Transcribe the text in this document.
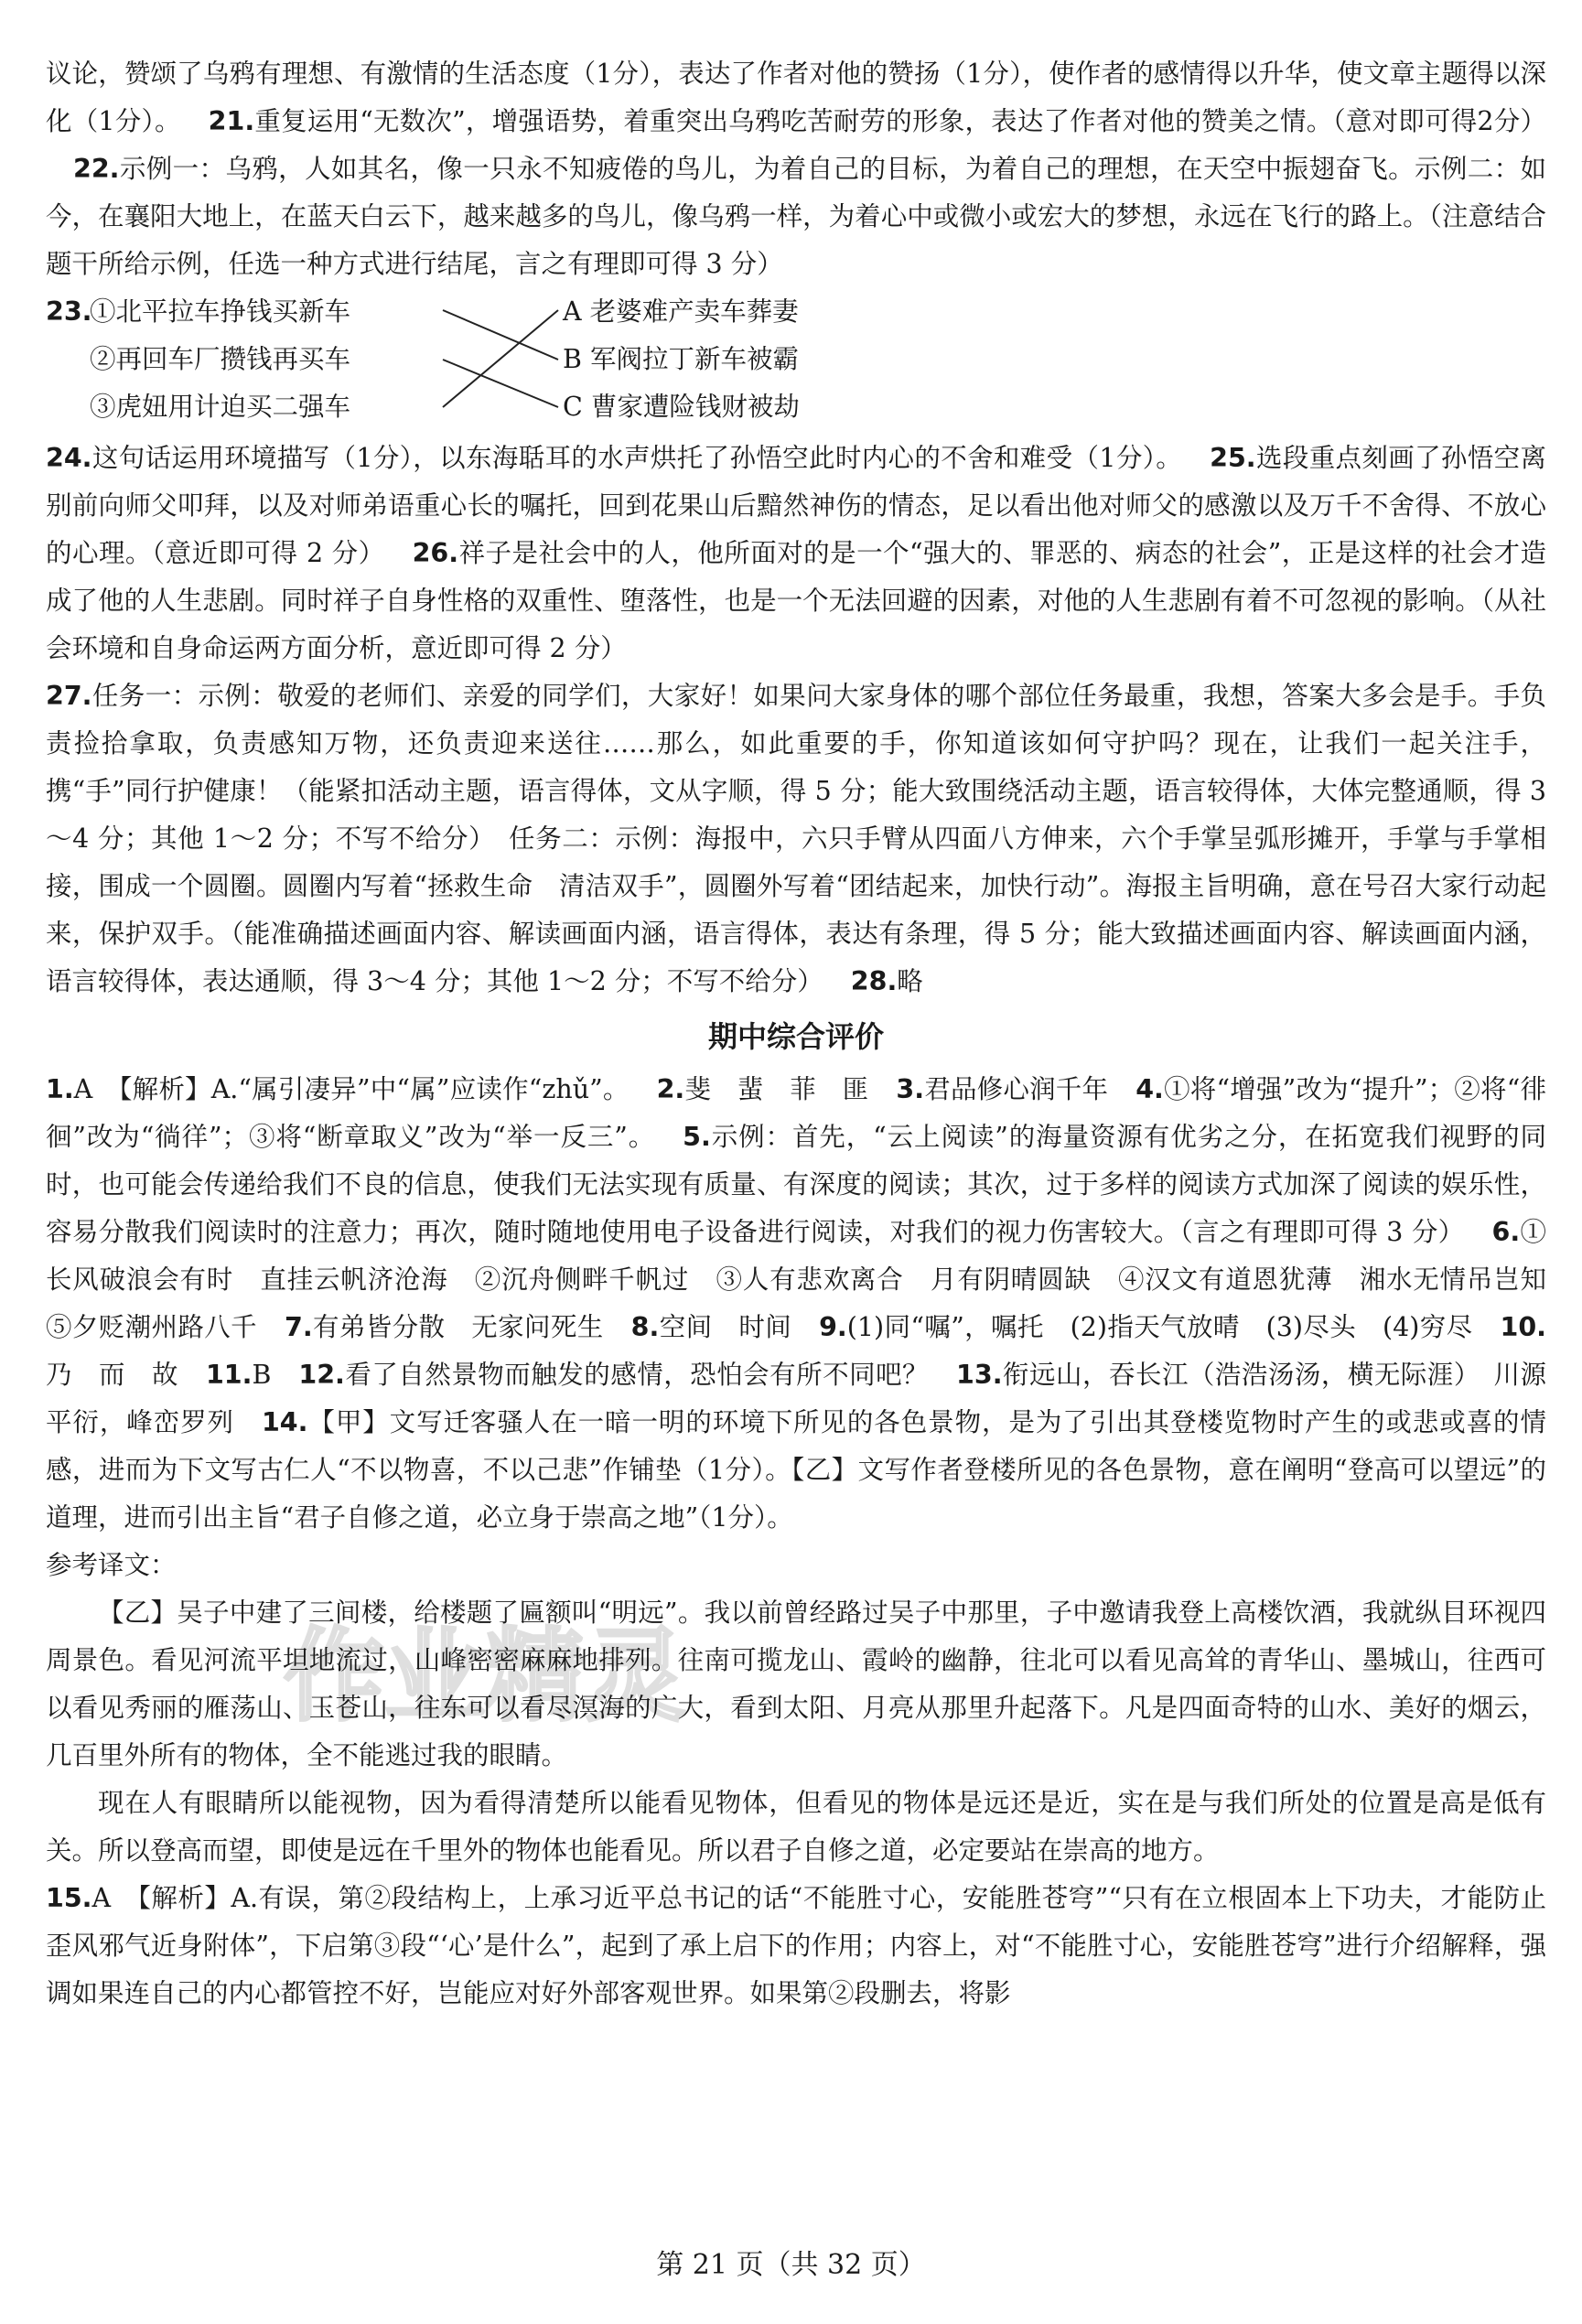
议论，赞颂了乌鸦有理想、有激情的生活态度（1分），表达了作者对他的赞扬（1分），使作者的感情得以升华，使文章主题得以深化（1分）。 21.重复运用“无数次”，增强语势，着重突出乌鸦吃苦耐劳的形象，表达了作者对他的赞美之情。（意对即可得2分）22.示例一：乌鸦，人如其名，像一只永不知疲倦的鸟儿，为着自己的目标，为着自己的理想，在天空中振翅奋飞。示例二：如今，在襄阳大地上，在蓝天白云下，越来越多的鸟儿，像乌鸦一样，为着心中或微小或宏大的梦想，永远在飞行的路上。（注意结合题干所给示例，任选一种方式进行结尾，言之有理即可得 3 分）

23.
①北平拉车挣钱买新车
②再回车厂攒钱再买车
③虎妞用计迫买二强车
A 老婆难产卖车葬妻
B 军阀拉丁新车被霸
C 曹家遭险钱财被劫

24.这句话运用环境描写（1分），以东海聒耳的水声烘托了孙悟空此时内心的不舍和难受（1分）。 25.选段重点刻画了孙悟空离别前向师父叩拜，以及对师弟语重心长的嘱托，回到花果山后黯然神伤的情态，足以看出他对师父的感激以及万千不舍得、不放心的心理。（意近即可得 2 分） 26.祥子是社会中的人，他所面对的是一个“强大的、罪恶的、病态的社会”，正是这样的社会才造成了他的人生悲剧。同时祥子自身性格的双重性、堕落性，也是一个无法回避的因素，对他的人生悲剧有着不可忽视的影响。（从社会环境和自身命运两方面分析，意近即可得 2 分）

27.任务一：示例：敬爱的老师们、亲爱的同学们，大家好！如果问大家身体的哪个部位任务最重，我想，答案大多会是手。手负责捡拾拿取，负责感知万物，还负责迎来送往……那么，如此重要的手，你知道该如何守护吗？现在，让我们一起关注手，携“手”同行护健康！（能紧扣活动主题，语言得体，文从字顺，得 5 分；能大致围绕活动主题，语言较得体，大体完整通顺，得 3～4 分；其他 1～2 分；不写不给分）　任务二：示例：海报中，六只手臂从四面八方伸来，六个手掌呈弧形摊开，手掌与手掌相接，围成一个圆圈。圆圈内写着“拯救生命　清洁双手”，圆圈外写着“团结起来，加快行动”。海报主旨明确，意在号召大家行动起来，保护双手。（能准确描述画面内容、解读画面内涵，语言得体，表达有条理，得 5 分；能大致描述画面内容、解读画面内涵，语言较得体，表达通顺，得 3～4 分；其他 1～2 分；不写不给分） 28.略

期中综合评价

1.A　【解析】A.“属引凄异”中“属”应读作“zhǔ”。 2.斐　蜚　菲　匪 3.君品修心润千年 4.①将“增强”改为“提升”；②将“徘徊”改为“徜徉”；③将“断章取义”改为“举一反三”。 5.示例：首先，“云上阅读”的海量资源有优劣之分，在拓宽我们视野的同时，也可能会传递给我们不良的信息，使我们无法实现有质量、有深度的阅读；其次，过于多样的阅读方式加深了阅读的娱乐性，容易分散我们阅读时的注意力；再次，随时随地使用电子设备进行阅读，对我们的视力伤害较大。（言之有理即可得 3 分） 6.①长风破浪会有时　直挂云帆济沧海　②沉舟侧畔千帆过　③人有悲欢离合　月有阴晴圆缺　④汉文有道恩犹薄　湘水无情吊岂知　⑤夕贬潮州路八千 7.有弟皆分散　无家问死生 8.空间　时间 9.(1)同“嘱”，嘱托　(2)指天气放晴　(3)尽头　(4)穷尽 10.乃　而　故 11.B 12.看了自然景物而触发的感情，恐怕会有所不同吧？ 13.衔远山，吞长江（浩浩汤汤，横无际涯）　川源平衍，峰峦罗列 14.【甲】文写迁客骚人在一暗一明的环境下所见的各色景物，是为了引出其登楼览物时产生的或悲或喜的情感，进而为下文写古仁人“不以物喜，不以己悲”作铺垫（1分）。【乙】文写作者登楼所见的各色景物，意在阐明“登高可以望远”的道理，进而引出主旨“君子自修之道，必立身于崇高之地”（1分）。

参考译文：

【乙】吴子中建了三间楼，给楼题了匾额叫“明远”。我以前曾经路过吴子中那里，子中邀请我登上高楼饮酒，我就纵目环视四周景色。看见河流平坦地流过，山峰密密麻麻地排列。往南可揽龙山、霞岭的幽静，往北可以看见高耸的青华山、墨城山，往西可以看见秀丽的雁荡山、玉苍山，往东可以看尽溟海的广大，看到太阳、月亮从那里升起落下。凡是四面奇特的山水、美好的烟云，几百里外所有的物体，全不能逃过我的眼睛。

现在人有眼睛所以能视物，因为看得清楚所以能看见物体，但看见的物体是远还是近，实在是与我们所处的位置是高是低有关。所以登高而望，即使是远在千里外的物体也能看见。所以君子自修之道，必定要站在崇高的地方。

15.A　【解析】A.有误，第②段结构上，上承习近平总书记的话“不能胜寸心，安能胜苍穹”“只有在立根固本上下功夫，才能防止歪风邪气近身附体”，下启第③段“‘心’是什么”，起到了承上启下的作用；内容上，对“不能胜寸心，安能胜苍穹”进行介绍解释，强调如果连自己的内心都管控不好，岂能应对好外部客观世界。如果第②段删去，将影

作业精灵
第 21 页（共 32 页）
